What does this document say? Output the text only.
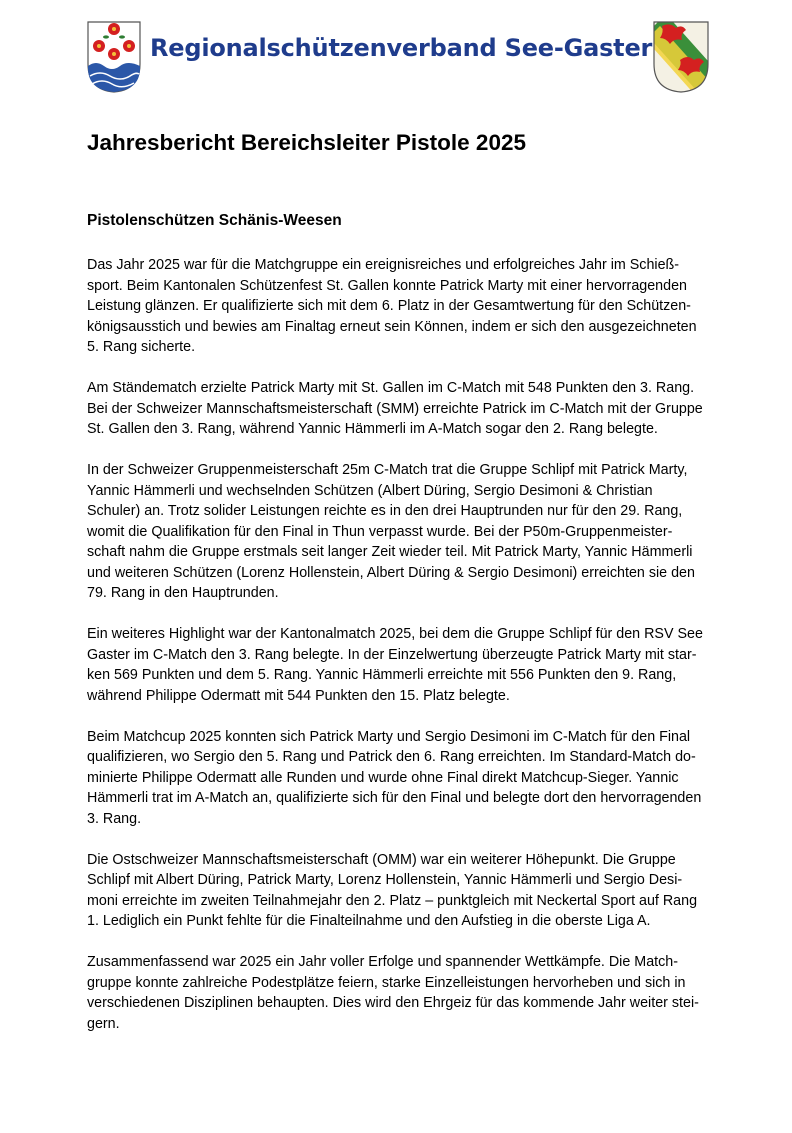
Regionalschützenverband See-Gaster
Jahresbericht Bereichsleiter Pistole 2025
Pistolenschützen Schänis-Weesen

Das Jahr 2025 war für die Matchgruppe ein ereignisreiches und erfolgreiches Jahr im Schieß-
sport. Beim Kantonalen Schützenfest St. Gallen konnte Patrick Marty mit einer hervorragenden
Leistung glänzen. Er qualifizierte sich mit dem 6. Platz in der Gesamtwertung für den Schützen-
königsausstich und bewies am Finaltag erneut sein Können, indem er sich den ausgezeichneten
5. Rang sicherte.

Am Ständematch erzielte Patrick Marty mit St. Gallen im C-Match mit 548 Punkten den 3. Rang.
Bei der Schweizer Mannschaftsmeisterschaft (SMM) erreichte Patrick im C-Match mit der Gruppe
St. Gallen den 3. Rang, während Yannic Hämmerli im A-Match sogar den 2. Rang belegte.

In der Schweizer Gruppenmeisterschaft 25m C-Match trat die Gruppe Schlipf mit Patrick Marty,
Yannic Hämmerli und wechselnden Schützen (Albert Düring, Sergio Desimoni & Christian
Schuler) an. Trotz solider Leistungen reichte es in den drei Hauptrunden nur für den 29. Rang,
womit die Qualifikation für den Final in Thun verpasst wurde. Bei der P50m-Gruppenmeister-
schaft nahm die Gruppe erstmals seit langer Zeit wieder teil. Mit Patrick Marty, Yannic Hämmerli
und weiteren Schützen (Lorenz Hollenstein, Albert Düring & Sergio Desimoni) erreichten sie den
79. Rang in den Hauptrunden.

Ein weiteres Highlight war der Kantonalmatch 2025, bei dem die Gruppe Schlipf für den RSV See
Gaster im C-Match den 3. Rang belegte. In der Einzelwertung überzeugte Patrick Marty mit star-
ken 569 Punkten und dem 5. Rang. Yannic Hämmerli erreichte mit 556 Punkten den 9. Rang,
während Philippe Odermatt mit 544 Punkten den 15. Platz belegte.

Beim Matchcup 2025 konnten sich Patrick Marty und Sergio Desimoni im C-Match für den Final
qualifizieren, wo Sergio den 5. Rang und Patrick den 6. Rang erreichten. Im Standard-Match do-
minierte Philippe Odermatt alle Runden und wurde ohne Final direkt Matchcup-Sieger. Yannic
Hämmerli trat im A-Match an, qualifizierte sich für den Final und belegte dort den hervorragenden
3. Rang.

Die Ostschweizer Mannschaftsmeisterschaft (OMM) war ein weiterer Höhepunkt. Die Gruppe
Schlipf mit Albert Düring, Patrick Marty, Lorenz Hollenstein, Yannic Hämmerli und Sergio Desi-
moni erreichte im zweiten Teilnahmejahr den 2. Platz – punktgleich mit Neckertal Sport auf Rang
1. Lediglich ein Punkt fehlte für die Finalteilnahme und den Aufstieg in die oberste Liga A.

Zusammenfassend war 2025 ein Jahr voller Erfolge und spannender Wettkämpfe. Die Match-
gruppe konnte zahlreiche Podestplätze feiern, starke Einzelleistungen hervorheben und sich in
verschiedenen Disziplinen behaupten. Dies wird den Ehrgeiz für das kommende Jahr weiter stei-
gern.
